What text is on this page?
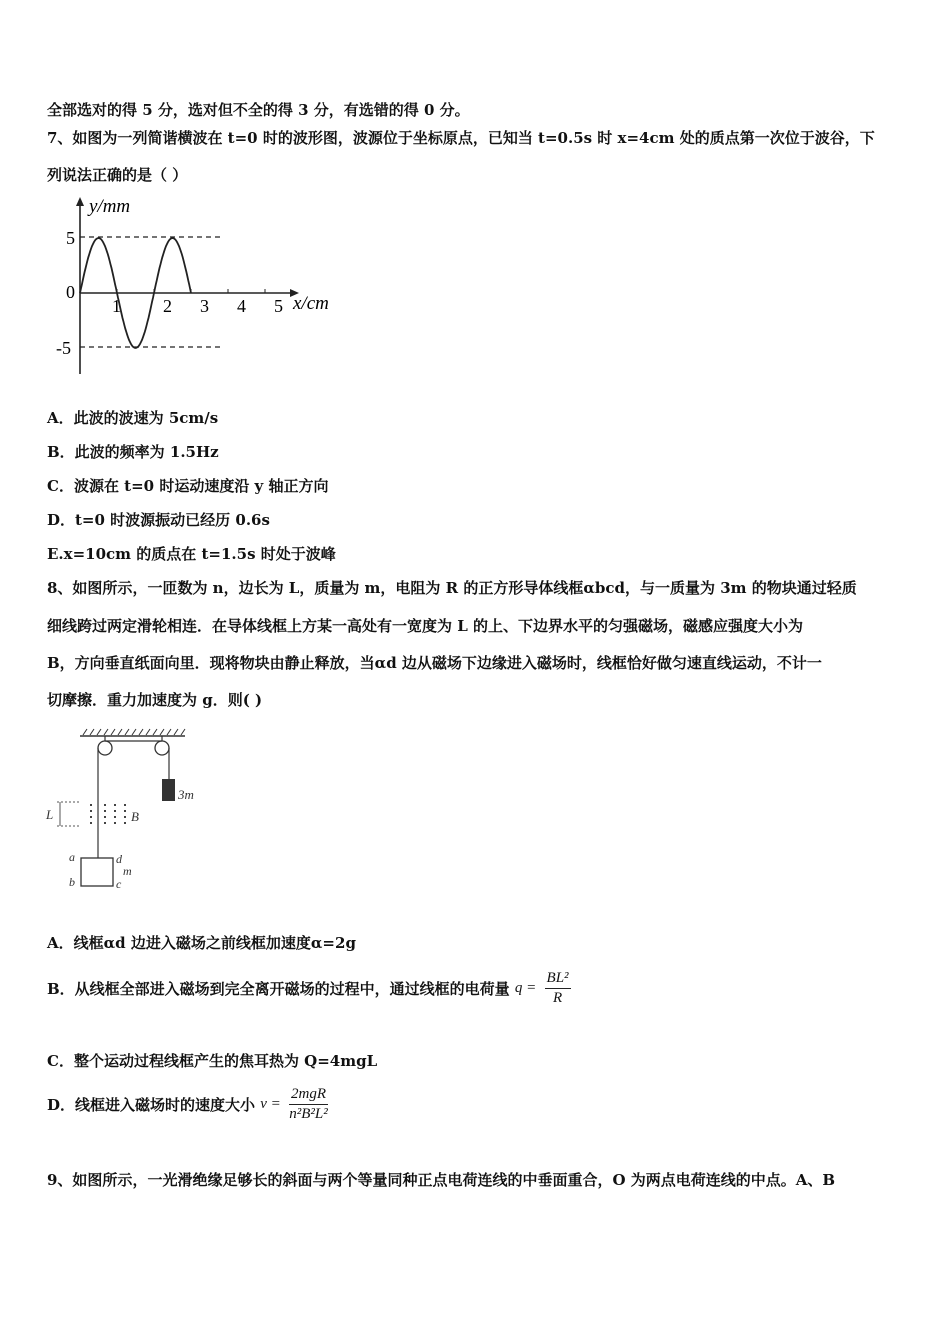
全部选对的得 5 分，选对但不全的得 3 分，有选错的得 0 分。
7、如图为一列简谐横波在 t=0 时的波形图，波源位于坐标原点，已知当 t=0.5s 时 x=4cm 处的质点第一次位于波谷，下
列说法正确的是（ ）
y/mm
x/cm
5
0
-5
1 2 3 4 5
A．此波的波速为 5cm/s
B．此波的频率为 1.5Hz
C．波源在 t=0 时运动速度沿 y 轴正方向
D．t=0 时波源振动已经历 0.6s
E.x=10cm 的质点在 t=1.5s 时处于波峰
8、如图所示，一匝数为 n，边长为 L，质量为 m，电阻为 R 的正方形导体线框αbcd，与一质量为 3m 的物块通过轻质
细线跨过两定滑轮相连．在导体线框上方某一高处有一宽度为 L 的上、下边界水平的匀强磁场，磁感应强度大小为
B，方向垂直纸面向里．现将物块由静止释放，当αd 边从磁场下边缘进入磁场时，线框恰好做匀速直线运动，不计一
切摩擦．重力加速度为 g．则( )
3m
L	B
a
b	c
d
m
A．线框αd 边进入磁场之前线框加速度α=2g
B．从线框全部进入磁场到完全离开磁场的过程中，通过线框的电荷量 $q = \frac{\text{BL²}}{R}$
C．整个运动过程线框产生的焦耳热为 Q=4mgL
D．线框进入磁场时的速度大小 $v = \frac{\text{2mgR}}{\text{n²B²L²}}$
9、如图所示，一光滑绝缘足够长的斜面与两个等量同种正点电荷连线的中垂面重合，O 为两点电荷连线的中点。A、B
